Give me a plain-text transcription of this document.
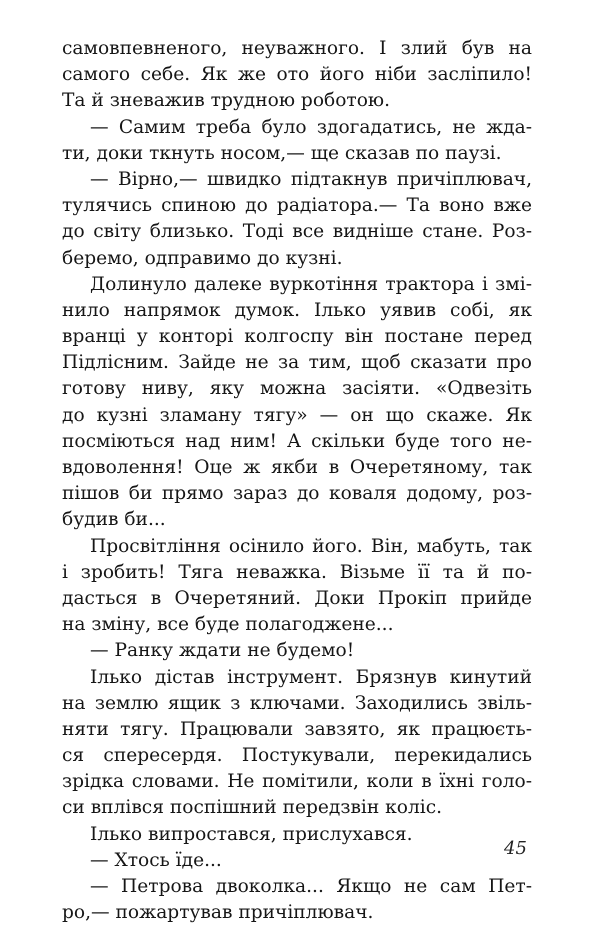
самовпевненого, неуважного. І злий був на
самого себе. Як же ото його ніби засліпило!
Та й зневажив трудною роботою.
— Самим треба було здогадатись, не жда-
ти, доки ткнуть носом,— ще сказав по паузі.
— Вірно,— швидко підтакнув причіплювач,
тулячись спиною до радіатора.— Та воно вже
до світу близько. Тоді все видніше стане. Роз-
беремо, одправимо до кузні.
Долинуло далеке вуркотіння трактора і змі-
нило напрямок думок. Ілько уявив собі, як
вранці у конторі колгоспу він постане перед
Підлісним. Зайде не за тим, щоб сказати про
готову ниву, яку можна засіяти. «Одвезіть
до кузні зламану тягу» — он що скаже. Як
посміються над ним! А скільки буде того не-
вдоволення! Оце ж якби в Очеретяному, так
пішов би прямо зараз до коваля додому, роз-
будив би...
Просвітління осінило його. Він, мабуть, так
і зробить! Тяга неважка. Візьме її та й по-
дасться в Очеретяний. Доки Прокіп прийде
на зміну, все буде полагоджене...
— Ранку ждати не будемо!
Ілько дістав інструмент. Брязнув кинутий
на землю ящик з ключами. Заходились звіль-
няти тягу. Працювали завзято, як працюєть-
ся спересердя. Постукували, перекидались
зрідка словами. Не помітили, коли в їхні голо-
си вплівся поспішний передзвін коліс.
Ілько випростався, прислухався.
— Хтось їде...
— Петрова двоколка... Якщо не сам Пет-
ро,— пожартував причіплювач.
45
